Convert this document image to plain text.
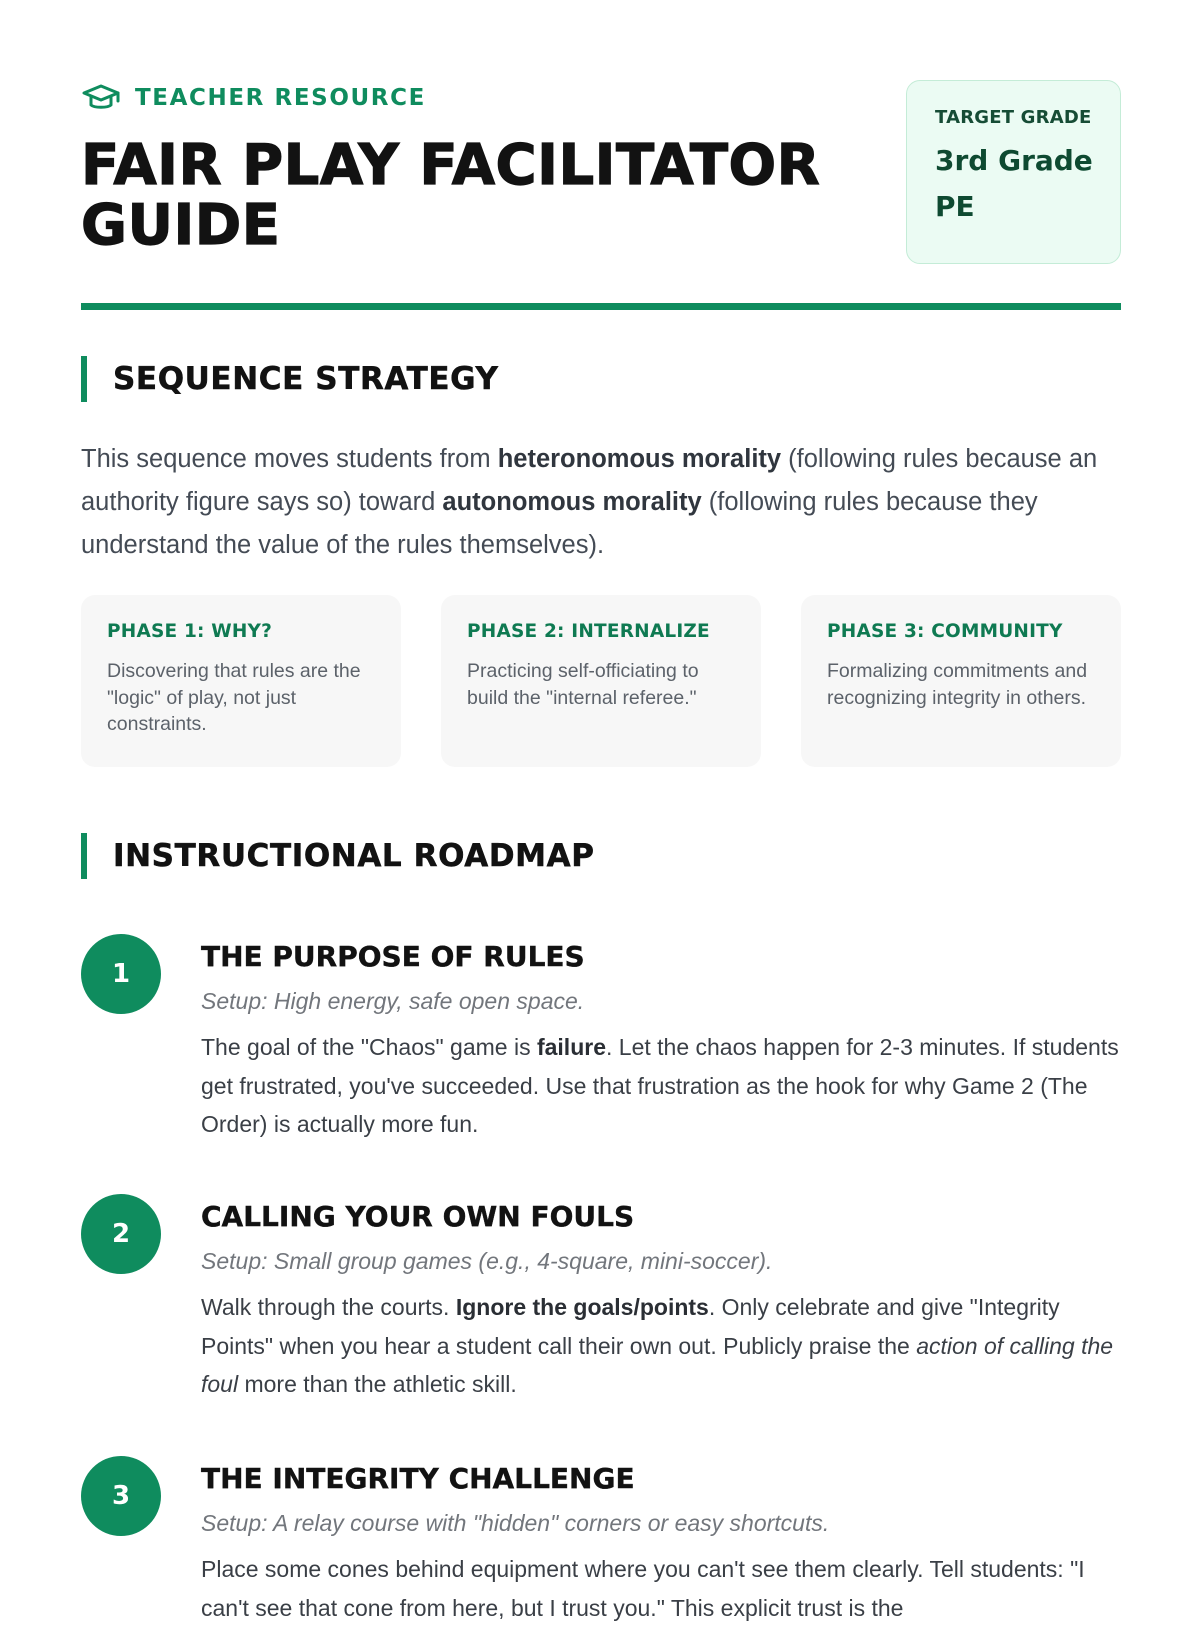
TEACHER RESOURCE
FAIR PLAY FACILITATOR
GUIDE
TARGET GRADE
3rd Grade
PE
SEQUENCE STRATEGY

This sequence moves students from heteronomous morality (following rules because an authority figure says so) toward autonomous morality (following rules because they understand the value of the rules themselves).

PHASE 1: WHY?
Discovering that rules are the "logic" of play, not just constraints.
PHASE 2: INTERNALIZE
Practicing self-officiating to build the "internal referee."
PHASE 3: COMMUNITY
Formalizing commitments and recognizing integrity in others.
INSTRUCTIONAL ROADMAP
1
THE PURPOSE OF RULES
Setup: High energy, safe open space.

The goal of the "Chaos" game is failure. Let the chaos happen for 2-3 minutes. If students get frustrated, you've succeeded. Use that frustration as the hook for why Game 2 (The Order) is actually more fun.

2
CALLING YOUR OWN FOULS
Setup: Small group games (e.g., 4-square, mini-soccer).

Walk through the courts. Ignore the goals/points. Only celebrate and give "Integrity Points" when you hear a student call their own out. Publicly praise the action of calling the foul more than the athletic skill.

3
THE INTEGRITY CHALLENGE
Setup: A relay course with "hidden" corners or easy shortcuts.

Place some cones behind equipment where you can't see them clearly. Tell students: "I can't see that cone from here, but I trust you." This explicit trust is the
